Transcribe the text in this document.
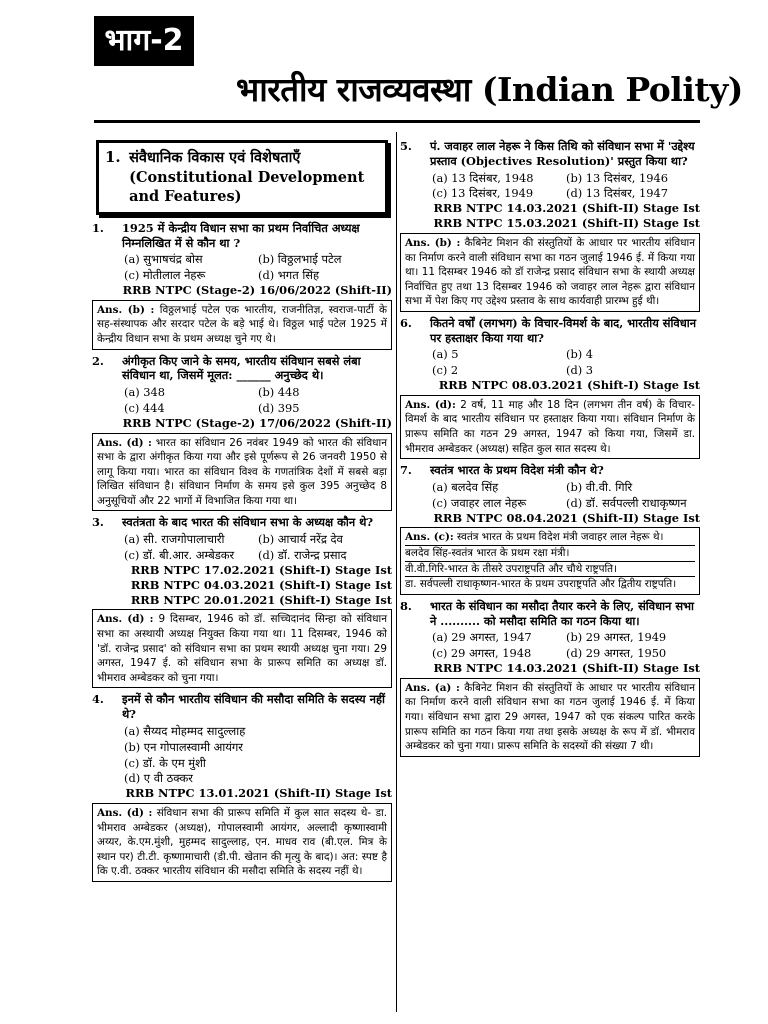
भाग-2
भारतीय राजव्यवस्था (Indian Polity)
1. संवैधानिक विकास एवं विशेषताएँ
(Constitutional Development and Features)
1.	1925 में केन्द्रीय विधान सभा का प्रथम निर्वाचित अध्यक्ष निम्नलिखित में से कौन था ?
(a) सुभाषचंद्र बोस	(b) विठ्ठलभाई पटेल
(c) मोतीलाल नेहरू	(d) भगत सिंह
RRB NTPC (Stage-2) 16/06/2022 (Shift-II)

Ans. (b) : विठ्ठलभाई पटेल एक भारतीय, राजनीतिज्ञ, स्वराज-पार्टी के सह-संस्थापक और सरदार पटेल के बड़े भाई थे। विठ्ठल भाई पटेल 1925 में केन्द्रीय विधान सभा के प्रथम अध्यक्ष चुने गए थे।

2.	अंगीकृत किए जाने के समय, भारतीय संविधान सबसे लंबा संविधान था, जिसमें मूलत: ______ अनुच्छेद थे।
(a) 348	(b) 448
(c) 444	(d) 395
RRB NTPC (Stage-2) 17/06/2022 (Shift-II)

Ans. (d) : भारत का संविधान 26 नवंबर 1949 को भारत की संविधान सभा के द्वारा अंगीकृत किया गया और इसे पूर्णरूप से 26 जनवरी 1950 से लागू किया गया। भारत का संविधान विश्व के गणतांत्रिक देशों में सबसे बड़ा लिखित संविधान है। संविधान निर्माण के समय इसे कुल 395 अनुच्छेद 8 अनुसूचियों और 22 भागों में विभाजित किया गया था।

3.	स्वतंत्रता के बाद भारत की संविधान सभा के अध्यक्ष कौन थे?
(a) सी. राजगोपालाचारी	(b) आचार्य नरेंद्र देव
(c) डॉ. बी.आर. अम्बेडकर	(d) डॉ. राजेन्द्र प्रसाद
RRB NTPC 17.02.2021 (Shift-I) Stage Ist
RRB NTPC 04.03.2021 (Shift-I) Stage Ist
RRB NTPC 20.01.2021 (Shift-I) Stage Ist

Ans. (d) : 9 दिसम्बर, 1946 को डॉ. सच्चिदानंद सिन्हा को संविधान सभा का अस्थायी अध्यक्ष नियुक्त किया गया था। 11 दिसम्बर, 1946 को 'डॉ. राजेन्द्र प्रसाद' को संविधान सभा का प्रथम स्थायी अध्यक्ष चुना गया। 29 अगस्त, 1947 ई. को संविधान सभा के प्रारूप समिति का अध्यक्ष डॉ. भीमराव अम्बेडकर को चुना गया।

4.	इनमें से कौन भारतीय संविधान की मसौदा समिति के सदस्य नहीं थे?
(a) सैय्यद मोहम्मद सादुल्लाह
(b) एन गोपालस्वामी आयंगर
(c) डॉ. के एम मुंशी
(d) ए वी ठक्कर
RRB NTPC 13.01.2021 (Shift-II) Stage Ist

Ans. (d) : संविधान सभा की प्रारूप समिति में कुल सात सदस्य थे- डा. भीमराव अम्बेडकर (अध्यक्ष), गोपालस्वामी आयंगर, अल्लादी कृष्णास्वामी अय्यर, के.एम.मुंशी, मुहम्मद सादुल्लाह, एन. माधव राव (बी.एल. मित्र के स्थान पर) टी.टी. कृष्णामाचारी (डी.पी. खेतान की मृत्यु के बाद)। अत: स्पष्ट है कि ए.वी. ठक्कर भारतीय संविधान की मसौदा समिति के सदस्य नहीं थे।

5.	पं. जवाहर लाल नेहरू ने किस तिथि को संविधान सभा में 'उद्देश्य प्रस्ताव (Objectives Resolution)' प्रस्तुत किया था?
(a) 13 दिसंबर, 1948	(b) 13 दिसंबर, 1946
(c) 13 दिसंबर, 1949	(d) 13 दिसंबर, 1947
RRB NTPC 14.03.2021 (Shift-II) Stage Ist
RRB NTPC 15.03.2021 (Shift-II) Stage Ist

Ans. (b) : कैबिनेट मिशन की संस्तुतियों के आधार पर भारतीय संविधान का निर्माण करने वाली संविधान सभा का गठन जुलाई 1946 ई. में किया गया था। 11 दिसम्बर 1946 को डॉ राजेन्द्र प्रसाद संविधान सभा के स्थायी अध्यक्ष निर्वाचित हुए तथा 13 दिसम्बर 1946 को जवाहर लाल नेहरू द्वारा संविधान सभा में पेश किए गए उद्देश्य प्रस्ताव के साथ कार्यवाही प्रारम्भ हुई थी।

6.	कितने वर्षों (लगभग) के विचार-विमर्श के बाद, भारतीय संविधान पर हस्ताक्षर किया गया था?
(a) 5	(b) 4
(c) 2	(d) 3
RRB NTPC 08.03.2021 (Shift-I) Stage Ist

Ans. (d): 2 वर्ष, 11 माह और 18 दिन (लगभग तीन वर्ष) के विचार-विमर्श के बाद भारतीय संविधान पर हस्ताक्षर किया गया। संविधान निर्माण के प्रारूप समिति का गठन 29 अगस्त, 1947 को किया गया, जिसमें डा. भीमराव अम्बेडकर (अध्यक्ष) सहित कुल सात सदस्य थे।

7.	स्वतंत्र भारत के प्रथम विदेश मंत्री कौन थे?
(a) बलदेव सिंह	(b) वी.वी. गिरि
(c) जवाहर लाल नेहरू	(d) डॉ. सर्वपल्ली राधाकृष्णन
RRB NTPC 08.04.2021 (Shift-II) Stage Ist

Ans. (c): स्वतंत्र भारत के प्रथम विदेश मंत्री जवाहर लाल नेहरू थे।

बलदेव सिंह-स्वतंत्र भारत के प्रथम रक्षा मंत्री।

वी.वी.गिरि-भारत के तीसरे उपराष्ट्रपति और चौथे राष्ट्रपति।

डा. सर्वपल्ली राधाकृष्णन-भारत के प्रथम उपराष्ट्रपति और द्वितीय राष्ट्रपति।

8.	भारत के संविधान का मसौदा तैयार करने के लिए, संविधान सभा ने .......... को मसौदा समिति का गठन किया था।
(a) 29 अगस्त, 1947	(b) 29 अगस्त, 1949
(c) 29 अगस्त, 1948	(d) 29 अगस्त, 1950
RRB NTPC 14.03.2021 (Shift-II) Stage Ist

Ans. (a) : कैबिनेट मिशन की संस्तुतियों के आधार पर भारतीय संविधान का निर्माण करने वाली संविधान सभा का गठन जुलाई 1946 ई. में किया गया। संविधान सभा द्वारा 29 अगस्त, 1947 को एक संकल्प पारित करके प्रारूप समिति का गठन किया गया तथा इसके अध्यक्ष के रूप में डॉ. भीमराव अम्बेडकर को चुना गया। प्रारूप समिति के सदस्यों की संख्या 7 थी।
